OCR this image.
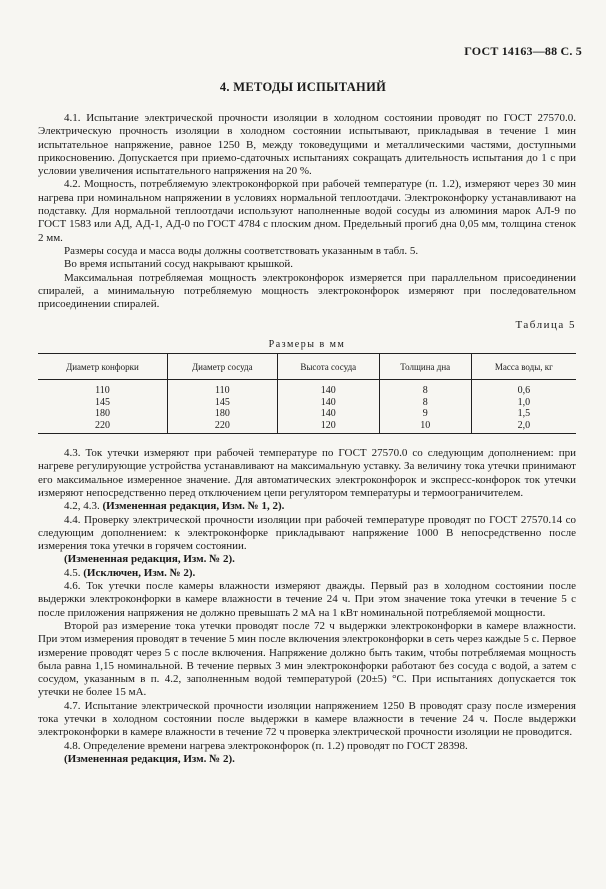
ГОСТ 14163—88 С. 5
4. МЕТОДЫ ИСПЫТАНИЙ

4.1. Испытание электрической прочности изоляции в холодном состоянии проводят по ГОСТ 27570.0. Электрическую прочность изоляции в холодном состоянии испытывают, прикладывая в течение 1 мин испытательное напряжение, равное 1250 В, между токоведущими и металлическими частями, доступными прикосновению. Допускается при приемо-сдаточных испытаниях сокращать длительность испытания до 1 с при условии увеличения испытательного напряжения на 20 %.

4.2. Мощность, потребляемую электроконфоркой при рабочей температуре (п. 1.2), измеряют через 30 мин нагрева при номинальном напряжении в условиях нормальной теплоотдачи. Электроконфорку устанавливают на подставку. Для нормальной теплоотдачи используют наполненные водой сосуды из алюминия марок АЛ-9 по ГОСТ 1583 или АД, АД-1, АД-0 по ГОСТ 4784 с плоским дном. Предельный прогиб дна 0,05 мм, толщина стенок 2 мм.

Размеры сосуда и масса воды должны соответствовать указанным в табл. 5.

Во время испытаний сосуд накрывают крышкой.

Максимальная потребляемая мощность электроконфорок измеряется при параллельном присоединении спиралей, а минимальную потребляемую мощность электроконфорок измеряют при последовательном присоединении спиралей.

Таблица 5
Размеры в мм
Диаметр конфорки	Диаметр сосуда	Высота сосуда	Толщина дна	Масса воды, кг
110	110	140	8	0,6
145	145	140	8	1,0
180	180	140	9	1,5
220	220	120	10	2,0

4.3. Ток утечки измеряют при рабочей температуре по ГОСТ 27570.0 со следующим дополнением: при нагреве регулирующие устройства устанавливают на максимальную уставку. За величину тока утечки принимают его максимальное измеренное значение. Для автоматических электроконфорок и экспресс-конфорок ток утечки измеряют непосредственно перед отключением цепи регулятором температуры и термоограничителем.

4.2, 4.3. (Измененная редакция, Изм. № 1, 2).

4.4. Проверку электрической прочности изоляции при рабочей температуре проводят по ГОСТ 27570.14 со следующим дополнением: к электроконфорке прикладывают напряжение 1000 В непосредственно после измерения тока утечки в горячем состоянии.

(Измененная редакция, Изм. № 2).

4.5. (Исключен, Изм. № 2).

4.6. Ток утечки после камеры влажности измеряют дважды. Первый раз в холодном состоянии после выдержки электроконфорки в камере влажности в течение 24 ч. При этом значение тока утечки в течение 5 с после приложения напряжения не должно превышать 2 мА на 1 кВт номинальной потребляемой мощности.

Второй раз измерение тока утечки проводят после 72 ч выдержки электроконфорки в камере влажности. При этом измерения проводят в течение 5 мин после включения электроконфорки в сеть через каждые 5 с. Первое измерение проводят через 5 с после включения. Напряжение должно быть таким, чтобы потребляемая мощность была равна 1,15 номинальной. В течение первых 3 мин электроконфорки работают без сосуда с водой, а затем с сосудом, указанным в п. 4.2, заполненным водой температурой (20±5) °С. При испытаниях допускается ток утечки не более 15 мА.

4.7. Испытание электрической прочности изоляции напряжением 1250 В проводят сразу после измерения тока утечки в холодном состоянии после выдержки в камере влажности в течение 24 ч. После выдержки электроконфорки в камере влажности в течение 72 ч проверка электрической прочности изоляции не проводится.

4.8. Определение времени нагрева электроконфорок (п. 1.2) проводят по ГОСТ 28398.

(Измененная редакция, Изм. № 2).
